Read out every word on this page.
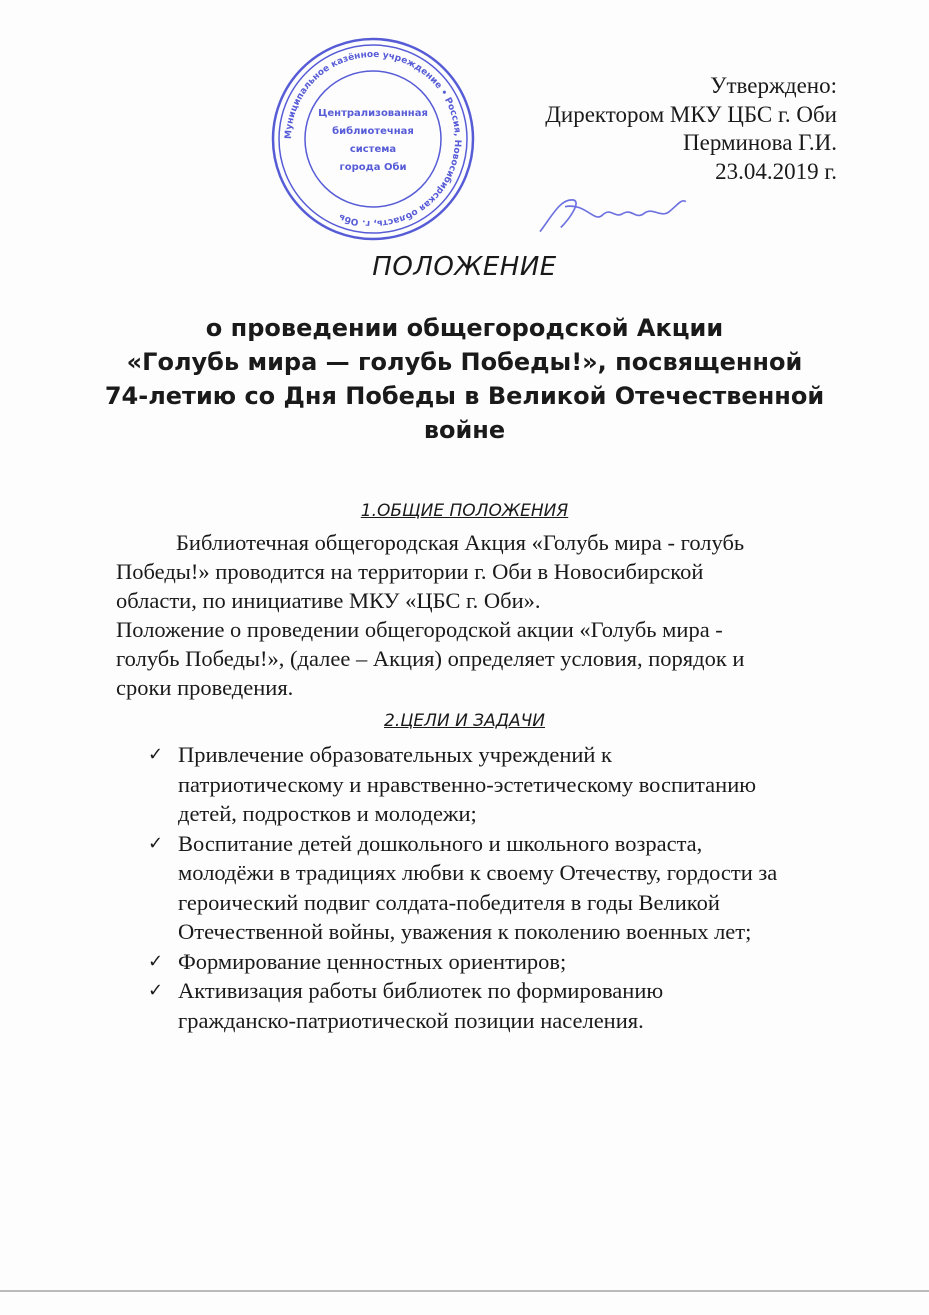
Утверждено:
Директором МКУ ЦБС г. Оби
Перминова Г.И.
23.04.2019 г.
Муниципальное казённое учреждение • Россия, Новосибирская область, г. Обь
Централизованная
библиотечная
система
города Оби
ПОЛОЖЕНИЕ
о проведении общегородской Акции
«Голубь мира — голубь Победы!», посвященной
74-летию со Дня Победы в Великой Отечественной
войне
1.ОБЩИЕ ПОЛОЖЕНИЯ
Библиотечная общегородская Акция «Голубь мира - голубь
Победы!» проводится на территории г. Оби в Новосибирской
области, по инициативе МКУ «ЦБС г. Оби».
Положение о проведении общегородской акции «Голубь мира -
голубь Победы!», (далее – Акция) определяет условия, порядок и
сроки проведения.
2.ЦЕЛИ И ЗАДАЧИ
✓ Привлечение образовательных учреждений к
патриотическому и нравственно-эстетическому воспитанию
детей, подростков и молодежи;
✓ Воспитание детей дошкольного и школьного возраста,
молодёжи в традициях любви к своему Отечеству, гордости за
героический подвиг солдата-победителя в годы Великой
Отечественной войны, уважения к поколению военных лет;
✓ Формирование ценностных ориентиров;
✓ Активизация работы библиотек по формированию
гражданско-патриотической позиции населения.
